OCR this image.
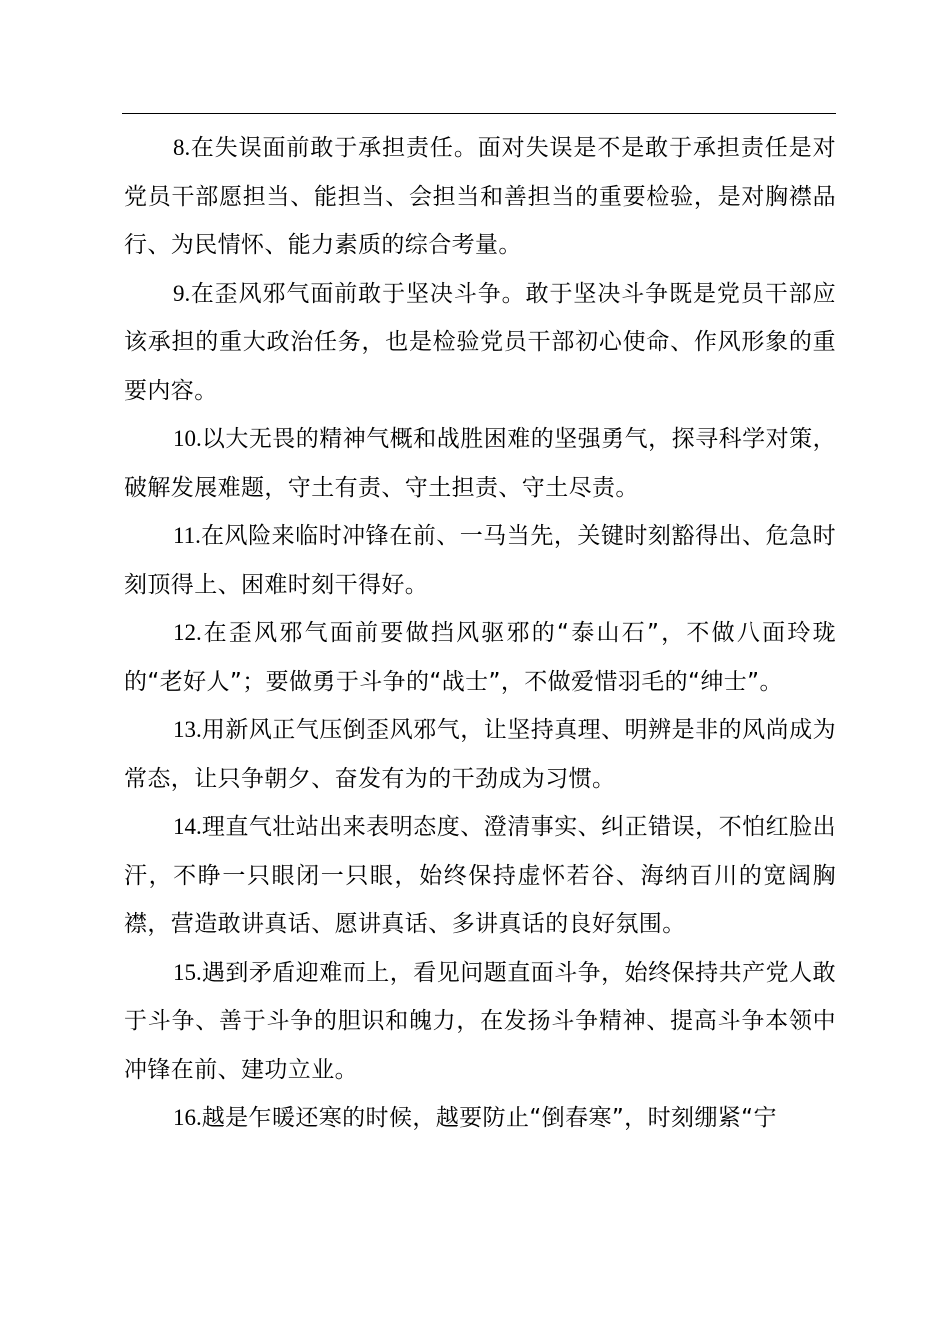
8.在失误面前敢于承担责任。面对失误是不是敢于承担责任是对党员干部愿担当、能担当、会担当和善担当的重要检验，是对胸襟品行、为民情怀、能力素质的综合考量。

9.在歪风邪气面前敢于坚决斗争。敢于坚决斗争既是党员干部应该承担的重大政治任务，也是检验党员干部初心使命、作风形象的重要内容。

10.以大无畏的精神气概和战胜困难的坚强勇气，探寻科学对策，破解发展难题，守土有责、守土担责、守土尽责。

11.在风险来临时冲锋在前、一马当先，关键时刻豁得出、危急时刻顶得上、困难时刻干得好。

12.在歪风邪气面前要做挡风驱邪的“泰山石”，不做八面玲珑的“老好人”；要做勇于斗争的“战士”，不做爱惜羽毛的“绅士”。

13.用新风正气压倒歪风邪气，让坚持真理、明辨是非的风尚成为常态，让只争朝夕、奋发有为的干劲成为习惯。

14.理直气壮站出来表明态度、澄清事实、纠正错误，不怕红脸出汗，不睁一只眼闭一只眼，始终保持虚怀若谷、海纳百川的宽阔胸襟，营造敢讲真话、愿讲真话、多讲真话的良好氛围。

15.遇到矛盾迎难而上，看见问题直面斗争，始终保持共产党人敢于斗争、善于斗争的胆识和魄力，在发扬斗争精神、提高斗争本领中冲锋在前、建功立业。

16.越是乍暖还寒的时候，越要防止“倒春寒”，时刻绷紧“宁
